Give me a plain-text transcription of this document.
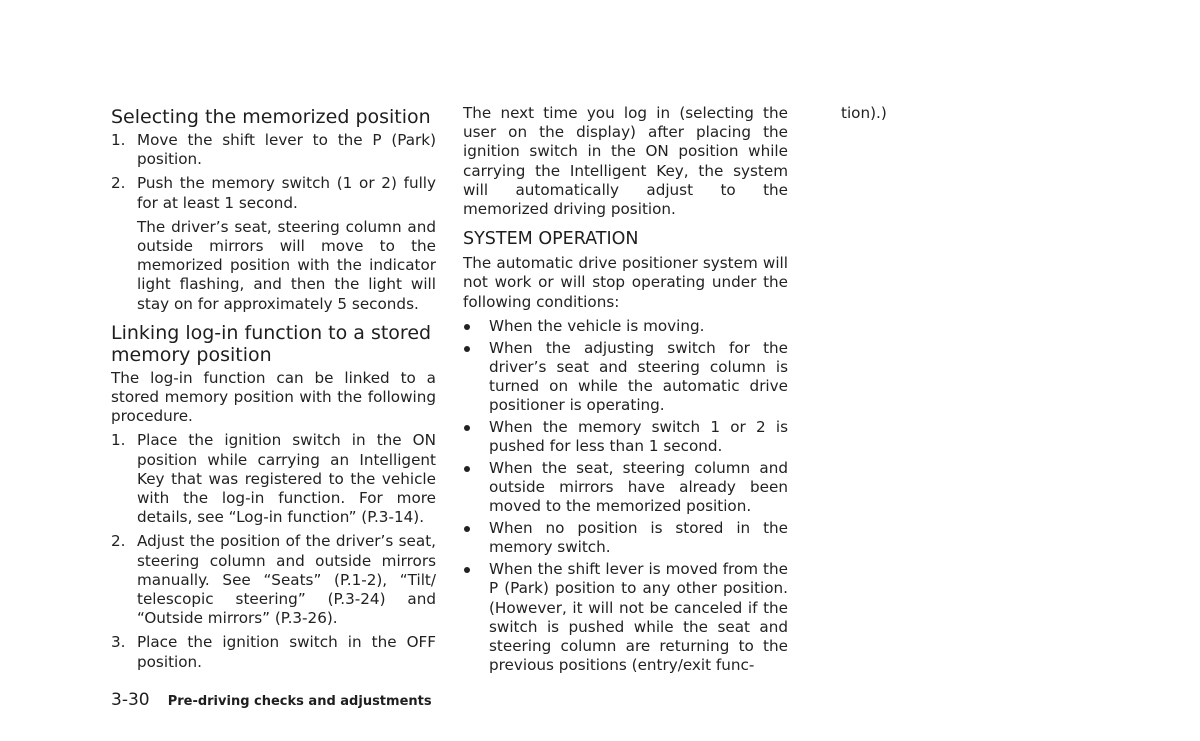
Selecting the memorized position
1. Move the shift lever to the P (Park) position.
2. Push the memory switch (1 or 2) fully for at least 1 second.

The driver’s seat, steering column and outside mirrors will move to the memorized position with the indicator light flashing, and then the light will stay on for approximately 5 seconds.

Linking log-in function to a stored memory position

The log-in function can be linked to a stored memory position with the following procedure.

1. Place the ignition switch in the ON position while carrying an Intelligent Key that was registered to the vehicle with the log-in function. For more details, see “Log-in function” (P.3-14).
2. Adjust the position of the driver’s seat, steering column and outside mirrors manually. See “Seats” (P.1-2), “Tilt/ telescopic steering” (P.3-24) and “Outside mirrors” (P.3-26).
3. Place the ignition switch in the OFF position.

The next time you log in (selecting the user on the display) after placing the ignition switch in the ON position while carrying the Intelligent Key, the system will automatically adjust to the memorized driving position.

SYSTEM OPERATION

The automatic drive positioner system will not work or will stop operating under the following conditions:

When the vehicle is moving.
When the adjusting switch for the driver’s seat and steering column is turned on while the automatic drive positioner is operating.
When the memory switch 1 or 2 is pushed for less than 1 second.
When the seat, steering column and outside mirrors have already been moved to the memorized position.
When no position is stored in the memory switch.
When the shift lever is moved from the P (Park) position to any other position. (However, it will not be canceled if the switch is pushed while the seat and steering column are returning to the previous positions (entry/exit func-

tion).)

3-30 Pre-driving checks and adjustments
